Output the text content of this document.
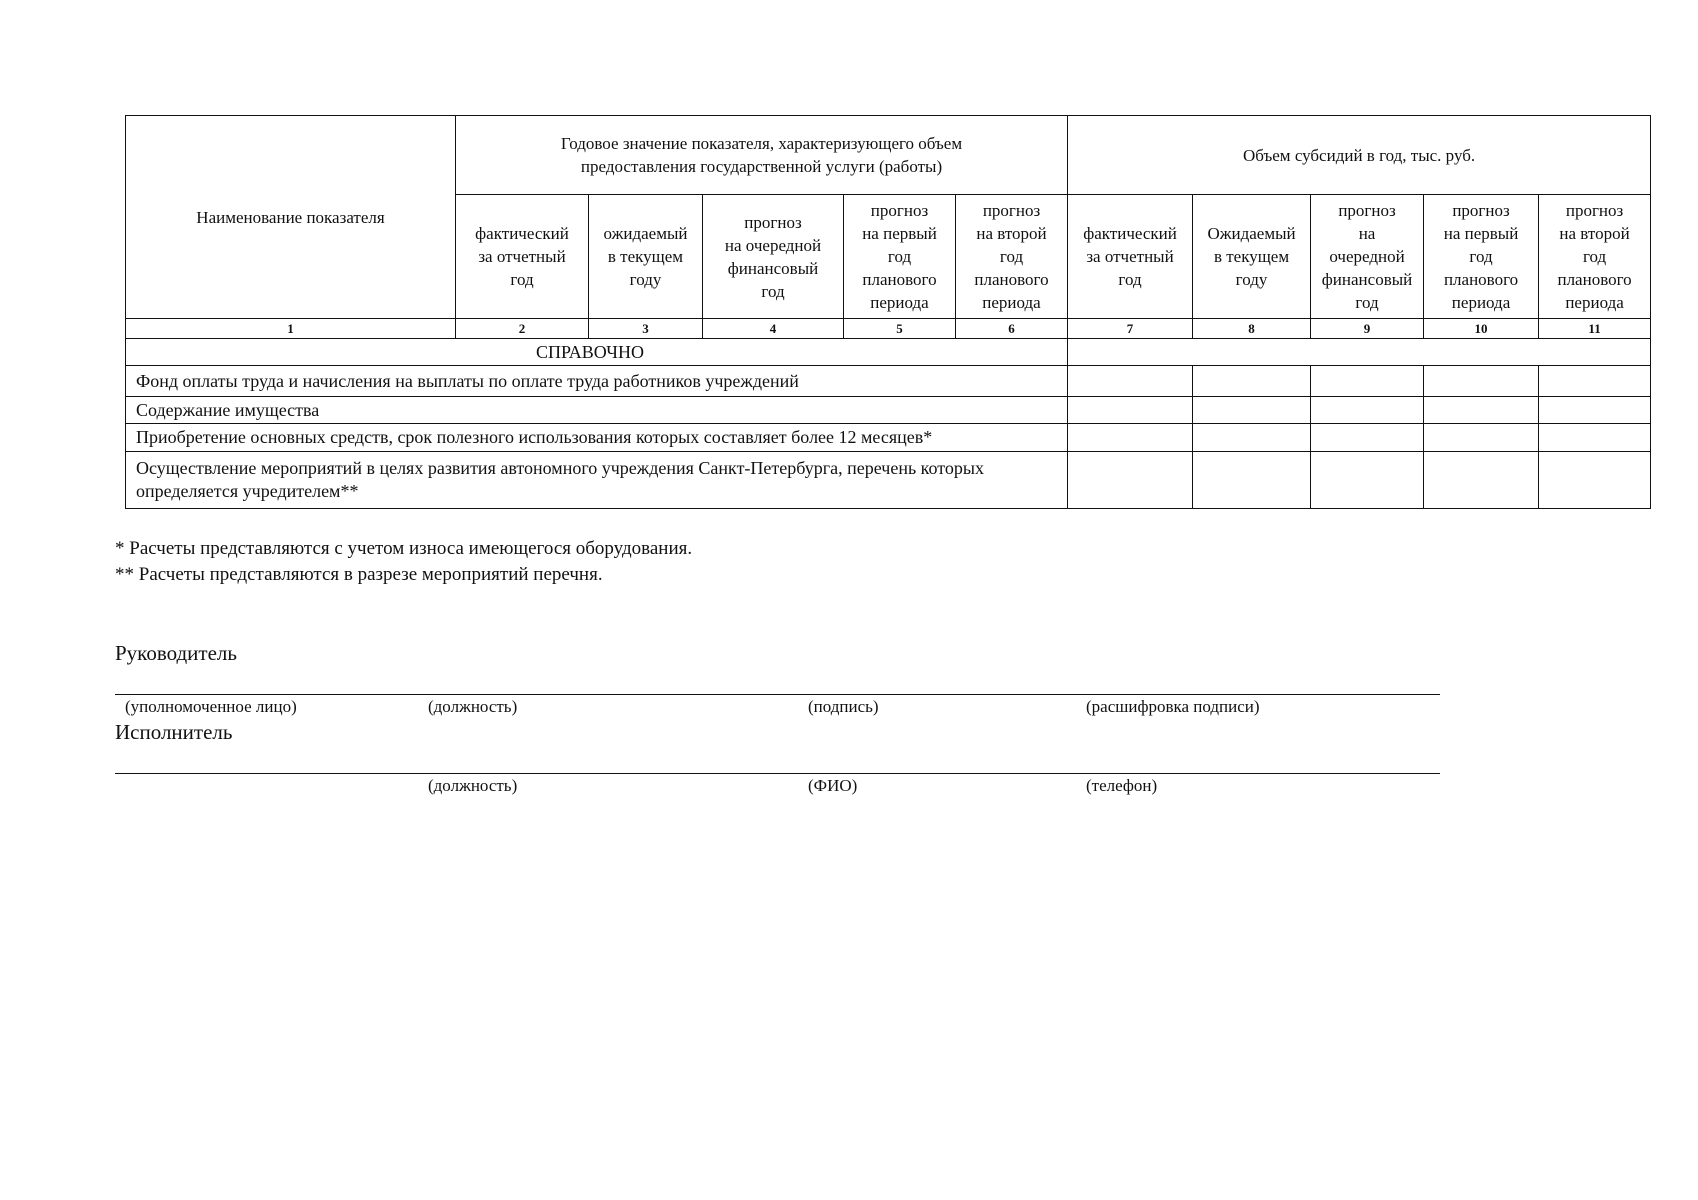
Наименование показателя	Годовое значение показателя, характеризующего объем
предоставления государственной услуги (работы)					Объем субсидий в год, тыс. руб.				
	фактический
за отчетный
год	ожидаемый
в текущем
году	прогноз
на очередной
финансовый
год	прогноз
на первый
год
планового
периода	прогноз
на второй
год
планового
периода	фактический
за отчетный
год	Ожидаемый
в текущем
году	прогноз
на
очередной
финансовый
год	прогноз
на первый
год
планового
периода	прогноз
на второй
год
планового
периода
1	2	3	4	5	6	7	8	9	10	11
СПРАВОЧНО										
Фонд оплаты труда и начисления на выплаты по оплате труда работников учреждений										
Содержание имущества										
Приобретение основных средств, срок полезного использования которых составляет более 12 месяцев*										
Осуществление мероприятий в целях развития автономного учреждения Санкт-Петербурга, перечень которых определяется учредителем**										
* Расчеты представляются с учетом износа имеющегося оборудования.
** Расчеты представляются в разрезе мероприятий перечня.
Руководитель
(уполномоченное лицо)	(должность)	(подпись)	(расшифровка подписи)
Исполнитель
(должность)	(ФИО)	(телефон)
